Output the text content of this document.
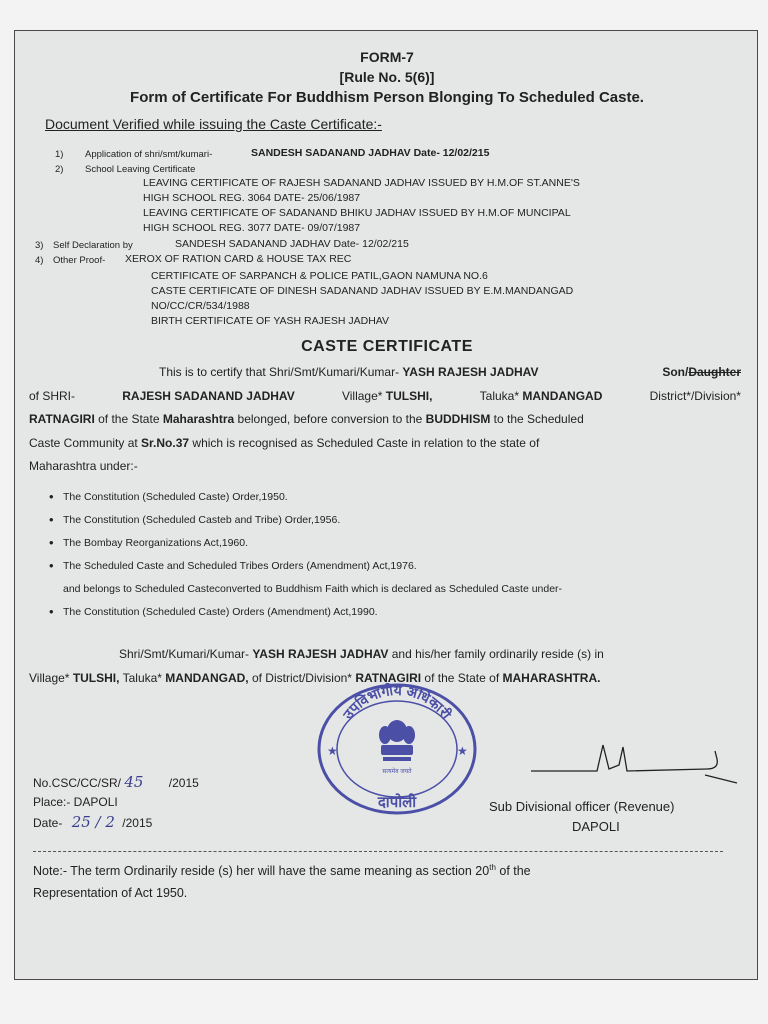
FORM-7
[Rule No. 5(6)]
Form of Certificate For Buddhism Person Blonging To Scheduled Caste.
Document Verified while issuing the Caste Certificate:-
1) Application of shri/smt/kumari-	SANDESH SADANAND JADHAV Date- 12/02/215
2) School Leaving Certificate
LEAVING CERTIFICATE OF RAJESH SADANAND JADHAV ISSUED BY H.M.OF ST.ANNE'S
HIGH SCHOOL REG. 3064 DATE- 25/06/1987
LEAVING CERTIFICATE OF SADANAND BHIKU JADHAV ISSUED BY H.M.OF MUNCIPAL
HIGH SCHOOL REG. 3077 DATE- 09/07/1987
3) Self Declaration by	SANDESH SADANAND JADHAV Date- 12/02/215
4) Other Proof- XEROX OF RATION CARD & HOUSE TAX REC
CERTIFICATE OF SARPANCH & POLICE PATIL,GAON NAMUNA NO.6
CASTE CERTIFICATE OF DINESH SADANAND JADHAV ISSUED BY E.M.MANDANGAD
NO/CC/CR/534/1988
BIRTH CERTIFICATE OF YASH RAJESH JADHAV
CASTE CERTIFICATE
This is to certify that Shri/Smt/Kumari/Kumar- YASH RAJESH JADHAV	Son/Daughter
of SHRI-	RAJESH SADANAND JADHAV	Village* TULSHI,	Taluka* MANDANGAD	District*/Division*
RATNAGIRI of the State Maharashtra belonged, before conversion to the BUDDHISM to the Scheduled
Caste Community at Sr.No.37 which is recognised as Scheduled Caste in relation to the state of
Maharashtra under:-
• The Constitution (Scheduled Caste) Order,1950.
• The Constitution (Scheduled Casteb and Tribe) Order,1956.
• The Bombay Reorganizations Act,1960.
• The Scheduled Caste and Scheduled Tribes Orders (Amendment) Act,1976.
and belongs to Scheduled Casteconverted to Buddhism Faith which is declared as Scheduled Caste under-
• The Constitution (Scheduled Caste) Orders (Amendment) Act,1990.
Shri/Smt/Kumari/Kumar- YASH RAJESH JADHAV and his/her family ordinarily reside (s) in
Village* TULSHI, Taluka* MANDANGAD, of District/Division* RATNAGIRI of the State of MAHARASHTRA.
उपविभागीय अधिकारी
दापोली
★	★
सत्यमेव जयते
No.CSC/CC/SR/ 45 /2015
Place:- DAPOLI
Date- 25 / 2 /2015
Sub Divisional officer (Revenue)
DAPOLI
Note:- The term Ordinarily reside (s) her will have the same meaning as section 20th of the
Representation of Act 1950.
